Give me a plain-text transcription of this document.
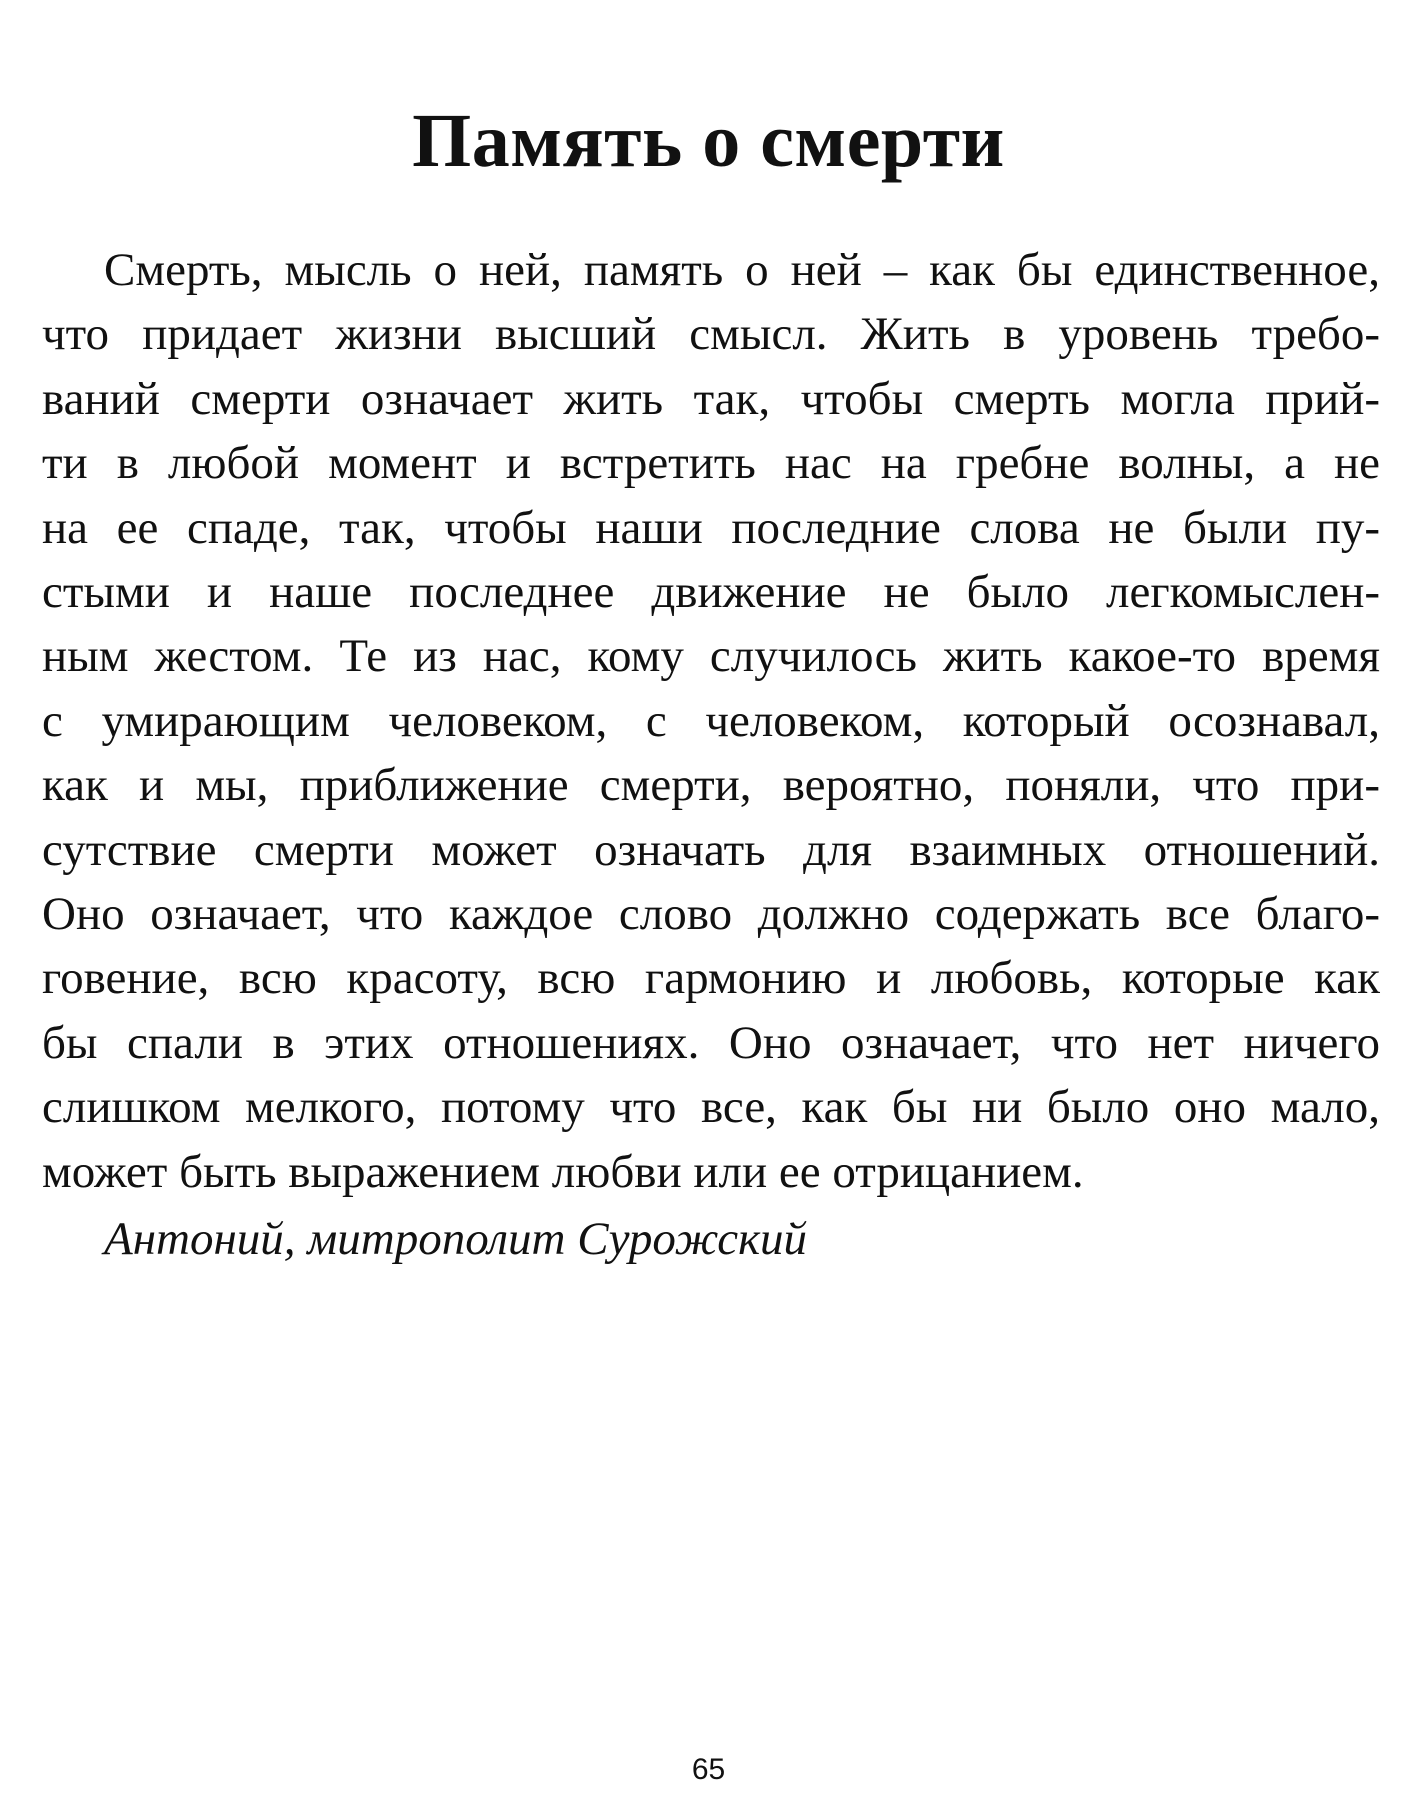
Память о смерти
Смерть, мысль о ней, память о ней – как бы единственное,
что придает жизни высший смысл. Жить в уровень требо-
ваний смерти означает жить так, чтобы смерть могла прий-
ти в любой момент и встретить нас на гребне волны, а не
на ее спаде, так, чтобы наши последние слова не были пу-
стыми и наше последнее движение не было легкомыслен-
ным жестом. Те из нас, кому случилось жить какое-то время
с умирающим человеком, с человеком, который осознавал,
как и мы, приближение смерти, вероятно, поняли, что при-
сутствие смерти может означать для взаимных отношений.
Оно означает, что каждое слово должно содержать все благо-
говение, всю красоту, всю гармонию и любовь, которые как
бы спали в этих отношениях. Оно означает, что нет ничего
слишком мелкого, потому что все, как бы ни было оно мало,
может быть выражением любви или ее отрицанием.

Антоний, митрополит Сурожский

65
